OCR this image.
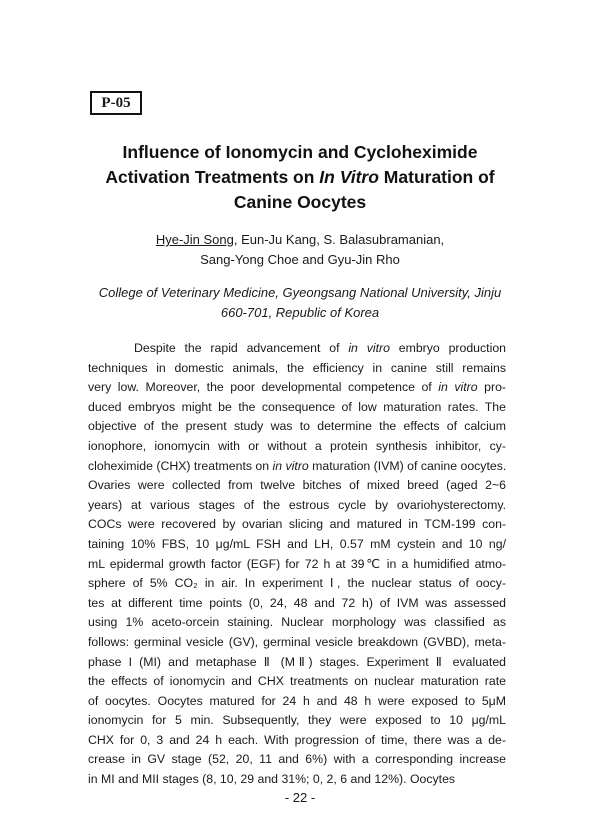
P-05
Influence of Ionomycin and Cycloheximide
Activation Treatments on In Vitro Maturation of
Canine Oocytes
Hye-Jin Song, Eun-Ju Kang, S. Balasubramanian,
Sang-Yong Choe and Gyu-Jin Rho
College of Veterinary Medicine, Gyeongsang National University, Jinju
660-701, Republic of Korea
Despite the rapid advancement of in vitro embryo production
techniques in domestic animals, the efficiency in canine still remains
very low. Moreover, the poor developmental competence of in vitro pro-
duced embryos might be the consequence of low maturation rates. The
objective of the present study was to determine the effects of calcium
ionophore, ionomycin with or without a protein synthesis inhibitor, cy-
cloheximide (CHX) treatments on in vitro maturation (IVM) of canine oocytes.
Ovaries were collected from twelve bitches of mixed breed (aged 2~6
years) at various stages of the estrous cycle by ovariohysterectomy.
COCs were recovered by ovarian slicing and matured in TCM-199 con-
taining 10% FBS, 10 μg/mL FSH and LH, 0.57 mM cystein and 10 ng/
mL epidermal growth factor (EGF) for 72 h at 39℃ in a humidified atmo-
sphere of 5% CO₂ in air. In experiment Ⅰ, the nuclear status of oocy-
tes at different time points (0, 24, 48 and 72 h) of IVM was assessed
using 1% aceto-orcein staining. Nuclear morphology was classified as
follows: germinal vesicle (GV), germinal vesicle breakdown (GVBD), meta-
phase I (MI) and metaphase Ⅱ (MⅡ) stages. Experiment Ⅱ evaluated
the effects of ionomycin and CHX treatments on nuclear maturation rate
of oocytes. Oocytes matured for 24 h and 48 h were exposed to 5μM
ionomycin for 5 min. Subsequently, they were exposed to 10 μg/mL
CHX for 0, 3 and 24 h each. With progression of time, there was a de-
crease in GV stage (52, 20, 11 and 6%) with a corresponding increase
in MI and MII stages (8, 10, 29 and 31%; 0, 2, 6 and 12%). Oocytes
- 22 -
